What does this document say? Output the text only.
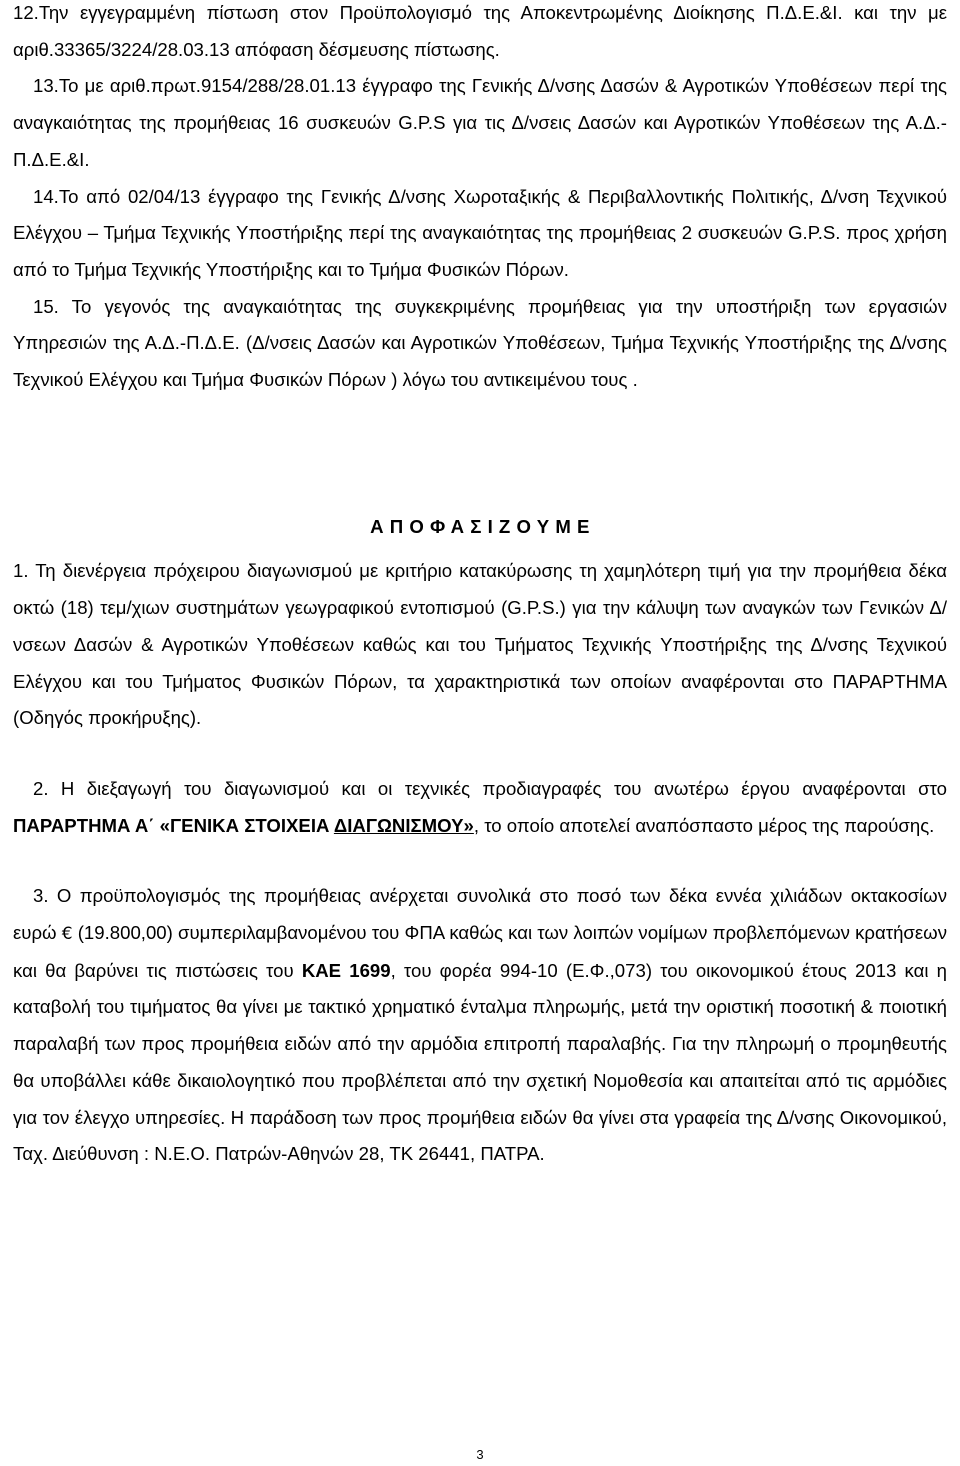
12.Την εγγεγραμμένη πίστωση στον Προϋπολογισμό της Αποκεντρωμένης Διοίκησης Π.Δ.Ε.&Ι. και την με αριθ.33365/3224/28.03.13 απόφαση δέσμευσης πίστωσης.

13.Το με αριθ.πρωτ.9154/288/28.01.13 έγγραφο της Γενικής Δ/νσης Δασών & Αγροτικών Υποθέσεων περί της αναγκαιότητας της προμήθειας 16 συσκευών G.P.S για τις Δ/νσεις Δασών και Αγροτικών Υποθέσεων της Α.Δ.-Π.Δ.Ε.&Ι.

14.Το από 02/04/13 έγγραφο της Γενικής Δ/νσης Χωροταξικής & Περιβαλλοντικής Πολιτικής, Δ/νση Τεχνικού Ελέγχου – Τμήμα Τεχνικής Υποστήριξης περί της αναγκαιότητας της προμήθειας 2 συσκευών G.P.S. προς χρήση από το Τμήμα Τεχνικής Υποστήριξης και το Τμήμα Φυσικών Πόρων.

15. Το γεγονός της αναγκαιότητας της συγκεκριμένης προμήθειας για την υποστήριξη των εργασιών Υπηρεσιών της Α.Δ.-Π.Δ.Ε. (Δ/νσεις Δασών και Αγροτικών Υποθέσεων, Τμήμα Τεχνικής Υποστήριξης της Δ/νσης Τεχνικού Ελέγχου και Τμήμα Φυσικών Πόρων ) λόγω του αντικειμένου τους .

Α Π Ο Φ Α Σ Ι Ζ Ο Υ Μ Ε

1. Τη διενέργεια πρόχειρου διαγωνισμού με κριτήριο κατακύρωσης τη χαμηλότερη τιμή για την προμήθεια δέκα οκτώ (18) τεμ/χιων συστημάτων γεωγραφικού εντοπισμού (G.P.S.) για την κάλυψη των αναγκών των Γενικών Δ/νσεων Δασών & Αγροτικών Υποθέσεων καθώς και του Τμήματος Τεχνικής Υποστήριξης της Δ/νσης Τεχνικού Ελέγχου και του Τμήματος Φυσικών Πόρων, τα χαρακτηριστικά των οποίων αναφέρονται στο ΠΑΡΑΡΤΗΜΑ (Οδηγός προκήρυξης).

2. Η διεξαγωγή του διαγωνισμού και οι τεχνικές προδιαγραφές του ανωτέρω έργου αναφέρονται στο ΠΑΡΑΡΤΗΜΑ Α΄ «ΓΕΝΙΚΑ ΣΤΟΙΧΕΙΑ ΔΙΑΓΩΝΙΣΜΟΥ», το οποίο αποτελεί αναπόσπαστο μέρος της παρούσης.

3. Ο προϋπολογισμός της προμήθειας ανέρχεται συνολικά στο ποσό των δέκα εννέα χιλιάδων οκτακοσίων ευρώ € (19.800,00) συμπεριλαμβανομένου του ΦΠΑ καθώς και των λοιπών νομίμων προβλεπόμενων κρατήσεων και θα βαρύνει τις πιστώσεις του ΚΑΕ 1699, του φορέα 994-10 (Ε.Φ.,073) του οικονομικού έτους 2013 και η καταβολή του τιμήματος θα γίνει με τακτικό χρηματικό ένταλμα πληρωμής, μετά την οριστική ποσοτική & ποιοτική παραλαβή των προς προμήθεια ειδών από την αρμόδια επιτροπή παραλαβής. Για την πληρωμή ο προμηθευτής θα υποβάλλει κάθε δικαιολογητικό που προβλέπεται από την σχετική Νομοθεσία και απαιτείται από τις αρμόδιες για τον έλεγχο υπηρεσίες. Η παράδοση των προς προμήθεια ειδών θα γίνει στα γραφεία της Δ/νσης Οικονομικού, Ταχ. Διεύθυνση : Ν.Ε.Ο. Πατρών-Αθηνών 28, ΤΚ 26441, ΠΑΤΡΑ.

3
